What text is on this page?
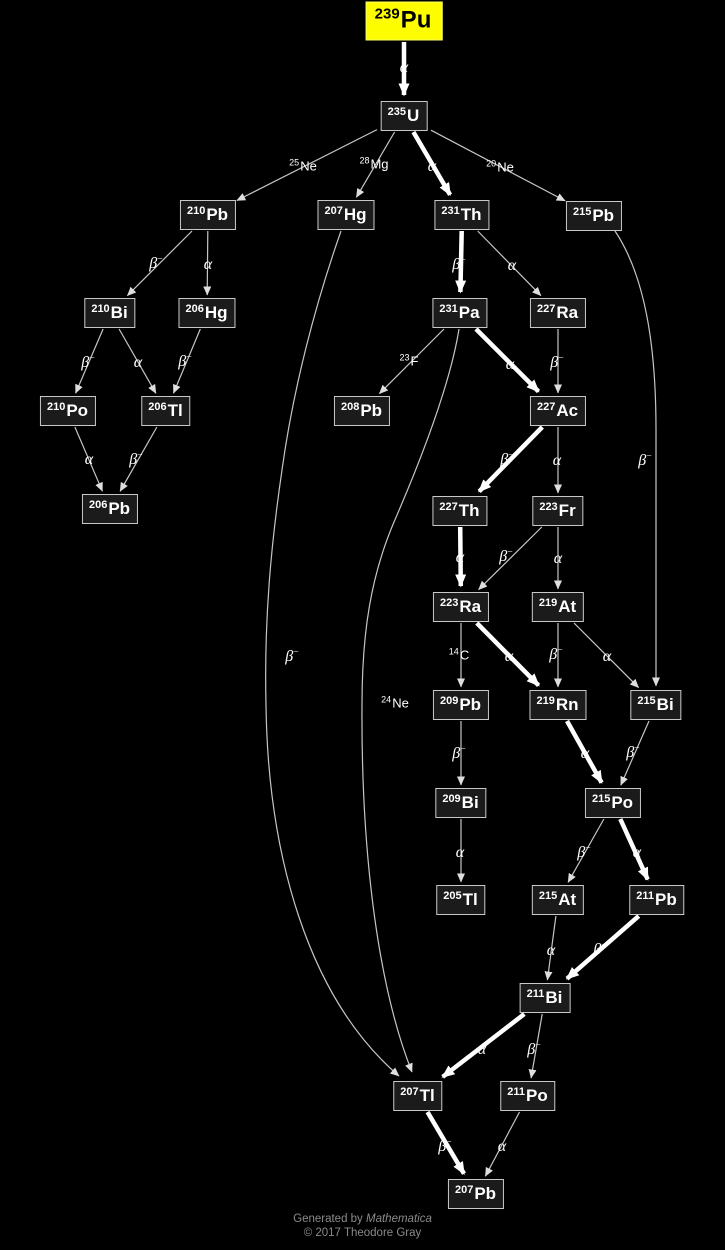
$^{239}$Pu
$^{235}$U
$^{210}$Pb	$^{207}$Hg	$^{231}$Th	$^{215}$Pb
$^{210}$Bi	$^{206}$Hg	$^{231}$Pa	$^{227}$Ra
$^{210}$Po	$^{206}$Tl	$^{208}$Pb	$^{227}$Ac
$^{206}$Pb	$^{227}$Th	$^{223}$Fr
$^{223}$Ra	$^{219}$At
$^{209}$Pb	$^{219}$Rn	$^{215}$Bi
$^{209}$Bi	$^{215}$Po
$^{205}$Tl	$^{215}$At	$^{211}$Pb
$^{211}$Bi
$^{207}$Tl	$^{211}$Po
$^{207}$Pb
α
$^{25}$Ne	$^{28}$Mg α	$^{20}$Ne
β−	α
β− α β−
α β−
β−	α
$^{23}$F	α β−
β− α
α β−	α
$^{14}$C α β− α
β−
β−
$^{24}$Ne
β−	α β−
α	β−	α
α β−
α	β−
β−	α
Generated by Mathematica
© 2017 Theodore Gray
